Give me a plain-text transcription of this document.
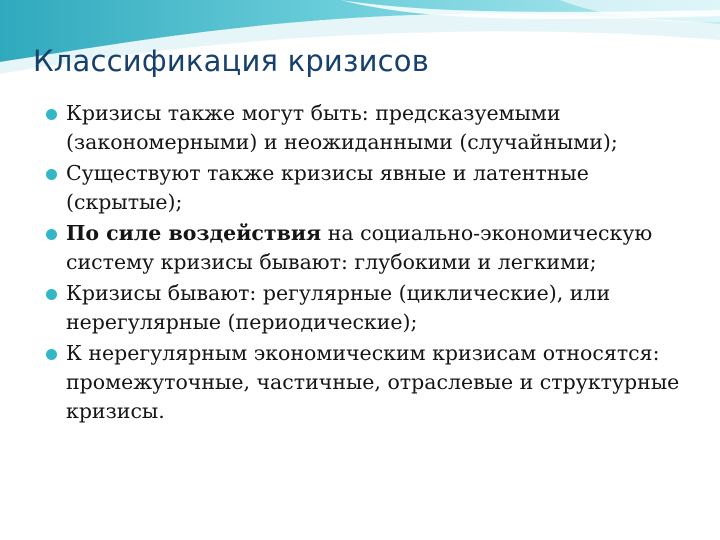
Классификация кризисов
Кризисы также могут быть: предсказуемыми (закономерными) и неожиданными (случайными);
Существуют также кризисы явные и латентные (скрытые);
По силе воздействия на социально-экономическую систему кризисы бывают: глубокими и легкими;
Кризисы бывают: регулярные (циклические), или нерегулярные (периодические);
К нерегулярным экономическим кризисам относятся: промежуточные, частичные, отраслевые и структурные кризисы.
